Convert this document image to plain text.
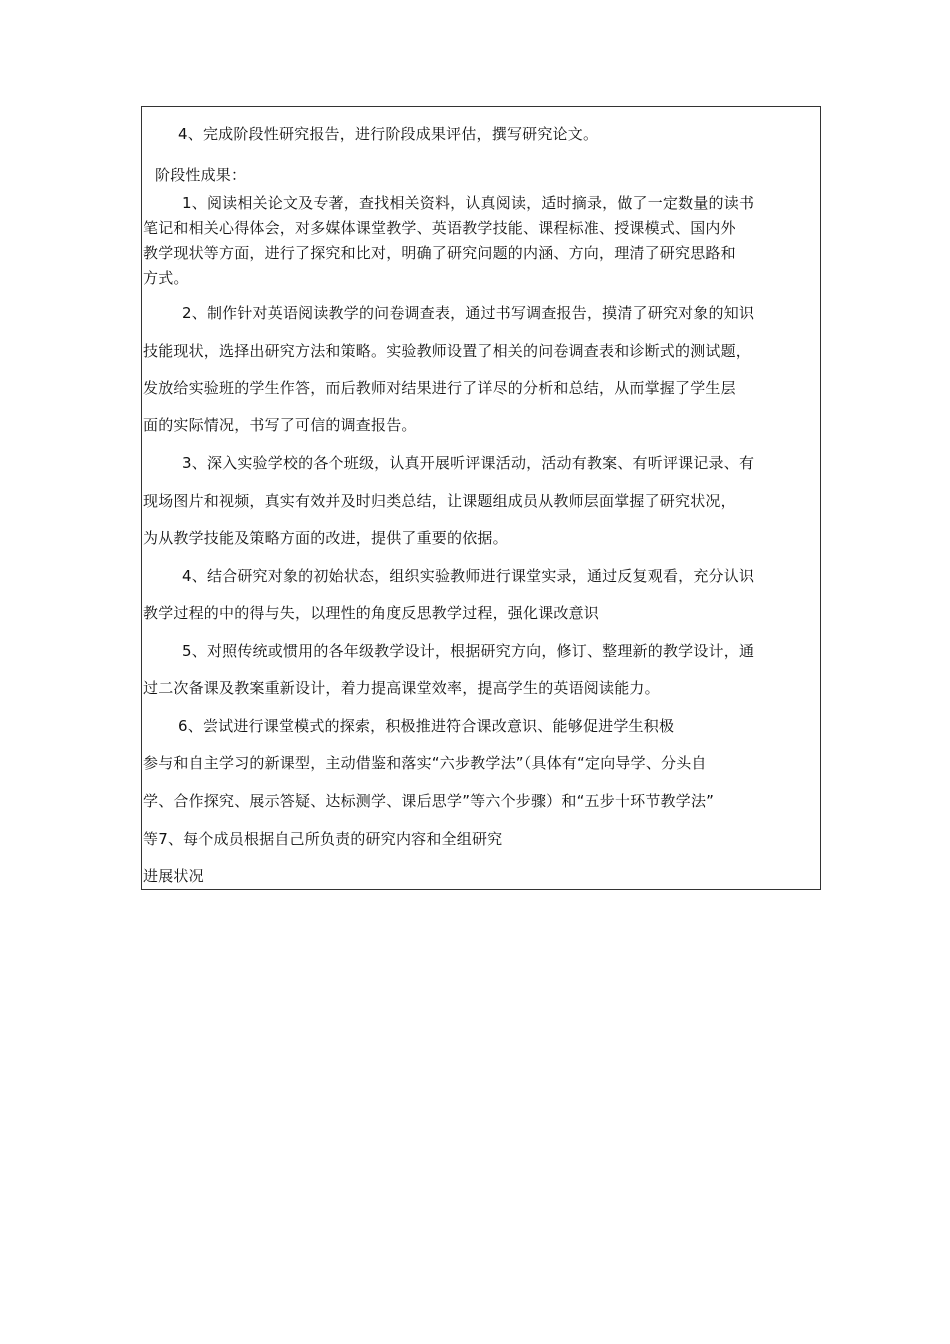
4、完成阶段性研究报告，进行阶段成果评估，撰写研究论文。
阶段性成果：
1、阅读相关论文及专著，查找相关资料，认真阅读，适时摘录，做了一定数量的读书
笔记和相关心得体会，对多媒体课堂教学、英语教学技能、课程标准、授课模式、国内外
教学现状等方面，进行了探究和比对，明确了研究问题的内涵、方向，理清了研究思路和
方式。
2、制作针对英语阅读教学的问卷调查表，通过书写调查报告，摸清了研究对象的知识
技能现状，选择出研究方法和策略。实验教师设置了相关的问卷调查表和诊断式的测试题，
发放给实验班的学生作答，而后教师对结果进行了详尽的分析和总结，从而掌握了学生层
面的实际情况，书写了可信的调查报告。
3、深入实验学校的各个班级，认真开展听评课活动，活动有教案、有听评课记录、有
现场图片和视频，真实有效并及时归类总结，让课题组成员从教师层面掌握了研究状况，
为从教学技能及策略方面的改进，提供了重要的依据。
4、结合研究对象的初始状态，组织实验教师进行课堂实录，通过反复观看，充分认识
教学过程的中的得与失，以理性的角度反思教学过程，强化课改意识
5、对照传统或惯用的各年级教学设计，根据研究方向，修订、整理新的教学设计，通
过二次备课及教案重新设计，着力提高课堂效率，提高学生的英语阅读能力。
6、尝试进行课堂模式的探索，积极推进符合课改意识、能够促进学生积极
参与和自主学习的新课型，主动借鉴和落实“六步教学法”（具体有“定向导学、分头自
学、合作探究、展示答疑、达标测学、课后思学”等六个步骤）和“五步十环节教学法”
等7、每个成员根据自己所负责的研究内容和全组研究
进展状况
